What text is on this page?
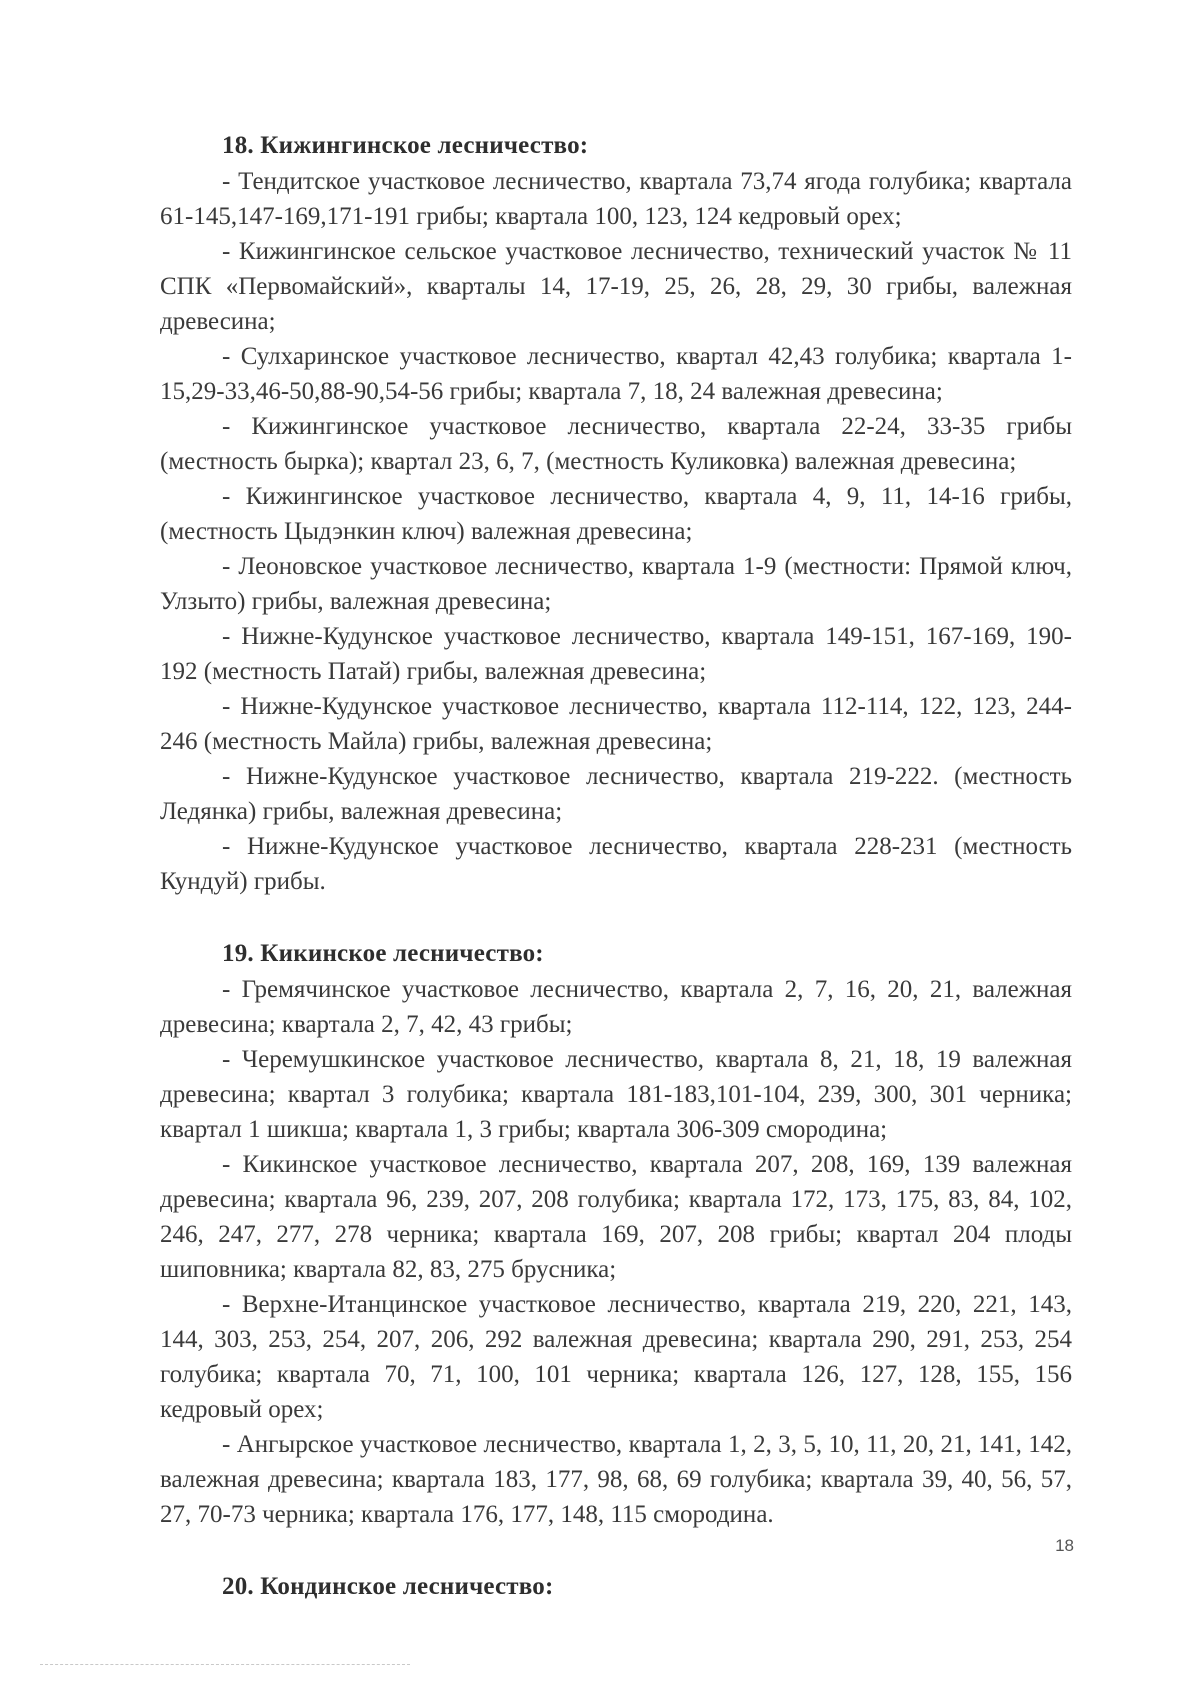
18. Кижингинское лесничество:

- Тендитское участковое лесничество, квартала 73,74 ягода голубика; квартала 61-145,147-169,171-191 грибы; квартала 100, 123, 124 кедровый орех;

- Кижингинское сельское участковое лесничество, технический участок № 11 СПК «Первомайский», кварталы 14, 17-19, 25, 26, 28, 29, 30 грибы, валежная древесина;

- Сулхаринское участковое лесничество, квартал 42,43 голубика; квартала 1-15,29-33,46-50,88-90,54-56 грибы; квартала 7, 18, 24 валежная древесина;

- Кижингинское участковое лесничество, квартала 22-24, 33-35 грибы (местность бырка); квартал 23, 6, 7, (местность Куликовка) валежная древесина;

- Кижингинское участковое лесничество, квартала 4, 9, 11, 14-16 грибы, (местность Цыдэнкин ключ) валежная древесина;

- Леоновское участковое лесничество, квартала 1-9 (местности: Прямой ключ, Улзыто) грибы, валежная древесина;

- Нижне-Кудунское участковое лесничество, квартала 149-151, 167-169, 190-192 (местность Патай) грибы, валежная древесина;

- Нижне-Кудунское участковое лесничество, квартала 112-114, 122, 123, 244-246 (местность Майла) грибы, валежная древесина;

- Нижне-Кудунское участковое лесничество, квартала 219-222. (местность Ледянка) грибы, валежная древесина;

- Нижне-Кудунское участковое лесничество, квартала 228-231 (местность Кундуй) грибы.

19. Кикинское лесничество:

- Гремячинское участковое лесничество, квартала 2, 7, 16, 20, 21, валежная древесина; квартала 2, 7, 42, 43 грибы;

- Черемушкинское участковое лесничество, квартала 8, 21, 18, 19 валежная древесина; квартал 3 голубика; квартала 181-183,101-104, 239, 300, 301 черника; квартал 1 шикша; квартала 1, 3 грибы; квартала 306-309 смородина;

- Кикинское участковое лесничество, квартала 207, 208, 169, 139 валежная древесина; квартала 96, 239, 207, 208 голубика; квартала 172, 173, 175, 83, 84, 102, 246, 247, 277, 278 черника; квартала 169, 207, 208 грибы; квартал 204 плоды шиповника; квартала 82, 83, 275 брусника;

- Верхне-Итанцинское участковое лесничество, квартала 219, 220, 221, 143, 144, 303, 253, 254, 207, 206, 292 валежная древесина; квартала 290, 291, 253, 254 голубика; квартала 70, 71, 100, 101 черника; квартала 126, 127, 128, 155, 156 кедровый орех;

- Ангырское участковое лесничество, квартала 1, 2, 3, 5, 10, 11, 20, 21, 141, 142, валежная древесина; квартала 183, 177, 98, 68, 69 голубика; квартала 39, 40, 56, 57, 27, 70-73 черника; квартала 176, 177, 148, 115 смородина.

20. Кондинское лесничество:
18
